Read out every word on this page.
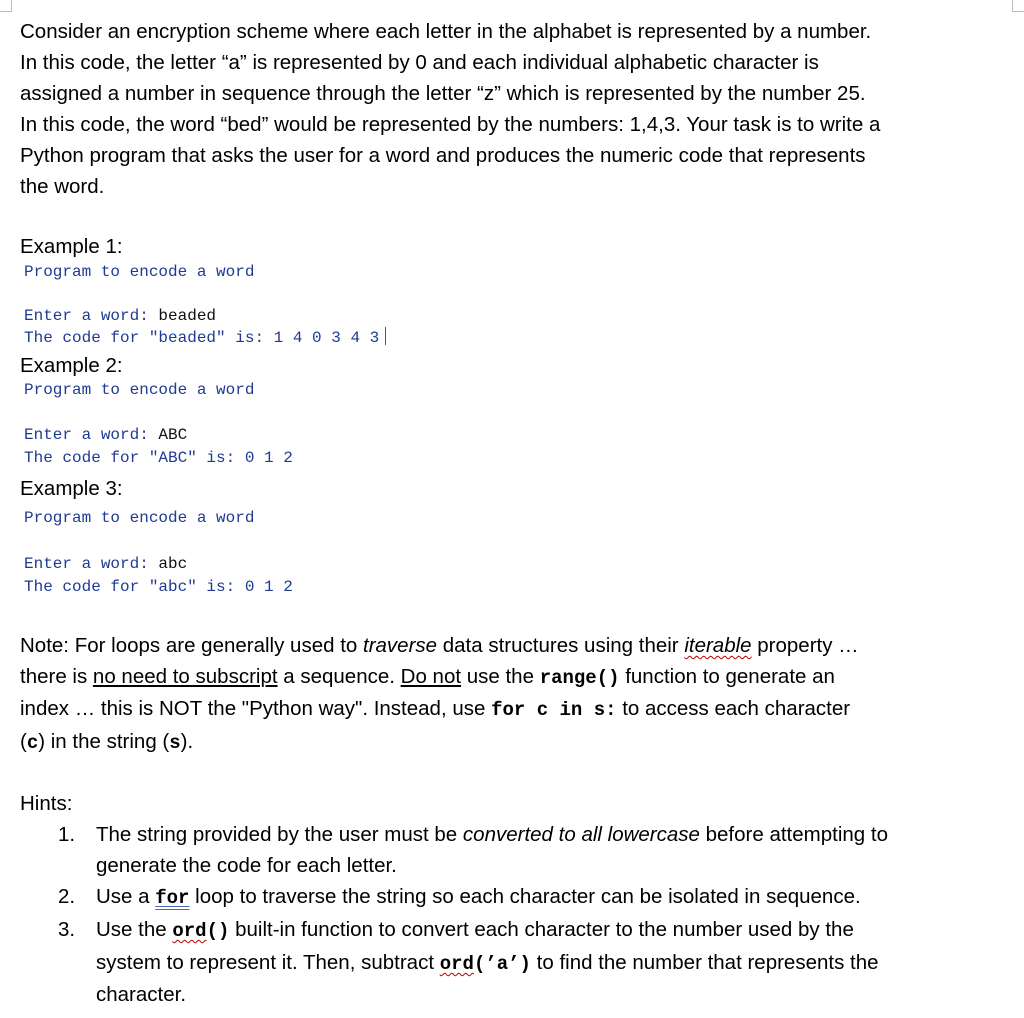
Consider an encryption scheme where each letter in the alphabet is represented by a number.
In this code, the letter “a” is represented by 0 and each individual alphabetic character is
assigned a number in sequence through the letter “z” which is represented by the number 25.
In this code, the word “bed” would be represented by the numbers: 1,4,3. Your task is to write a
Python program that asks the user for a word and produces the numeric code that represents
the word.
Example 1:
Program to encode a word
Enter a word: beaded
The code for "beaded" is: 1 4 0 3 4 3
Example 2:
Program to encode a word
Enter a word: ABC
The code for "ABC" is: 0 1 2
Example 3:
Program to encode a word
Enter a word: abc
The code for "abc" is: 0 1 2
Note: For loops are generally used to traverse data structures using their iterable property …
there is no need to subscript a sequence. Do not use the range() function to generate an
index … this is NOT the "Python way". Instead, use for c in s: to access each character
(c) in the string (s).
Hints:
1. The string provided by the user must be converted to all lowercase before attempting to
generate the code for each letter.
2. Use a for loop to traverse the string so each character can be isolated in sequence.
3. Use the ord() built-in function to convert each character to the number used by the
system to represent it. Then, subtract ord(’a’) to find the number that represents the
character.
